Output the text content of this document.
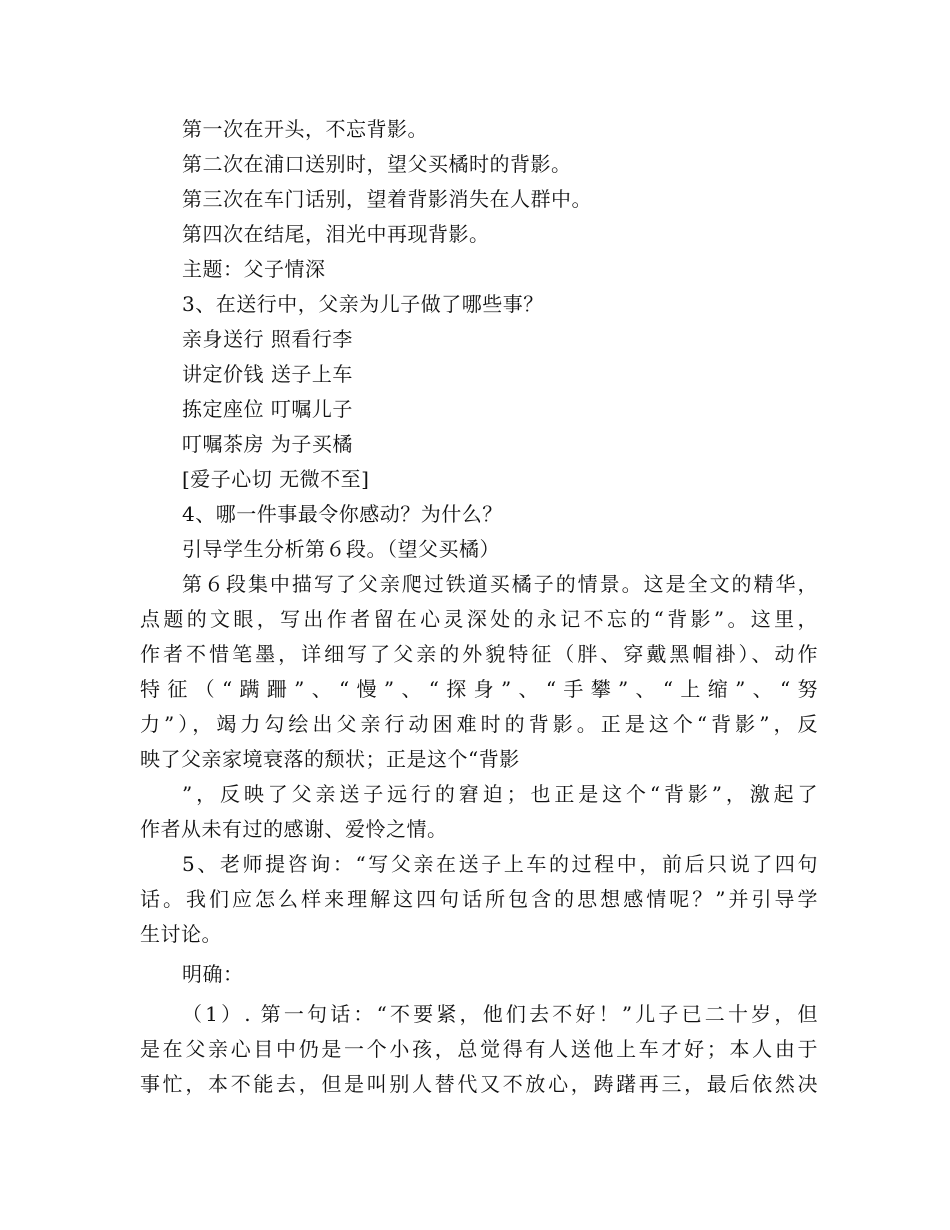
第一次在开头，不忘背影。
第二次在浦口送别时，望父买橘时的背影。
第三次在车门话别，望着背影消失在人群中。
第四次在结尾，泪光中再现背影。
主题：父子情深
3、在送行中，父亲为儿子做了哪些事？
亲身送行 照看行李
讲定价钱 送子上车
拣定座位 叮嘱儿子
叮嘱茶房 为子买橘
[爱子心切 无微不至]
4、哪一件事最令你感动？为什么？
引导学生分析第６段。（望父买橘）
第６段集中描写了父亲爬过铁道买橘子的情景。这是全文的精华，
点题的文眼，写出作者留在心灵深处的永记不忘的“背影”。这里，
作者不惜笔墨，详细写了父亲的外貌特征（胖、穿戴黑帽褂）、动作
特征（“蹒跚”、“慢”、“探身”、“手攀”、“上缩”、“努
力”），竭力勾绘出父亲行动困难时的背影。正是这个“背影”，反
映了父亲家境衰落的颓状；正是这个“背影
”，反映了父亲送子远行的窘迫；也正是这个“背影”，激起了
作者从未有过的感谢、爱怜之情。
5、老师提咨询：“写父亲在送子上车的过程中，前后只说了四句
话。我们应怎么样来理解这四句话所包含的思想感情呢？”并引导学
生讨论。
明确：
（1）. 第一句话：“不要紧，他们去不好！”儿子已二十岁，但
是在父亲心目中仍是一个小孩，总觉得有人送他上车才好；本人由于
事忙，本不能去，但是叫别人替代又不放心，踌躇再三，最后依然决
